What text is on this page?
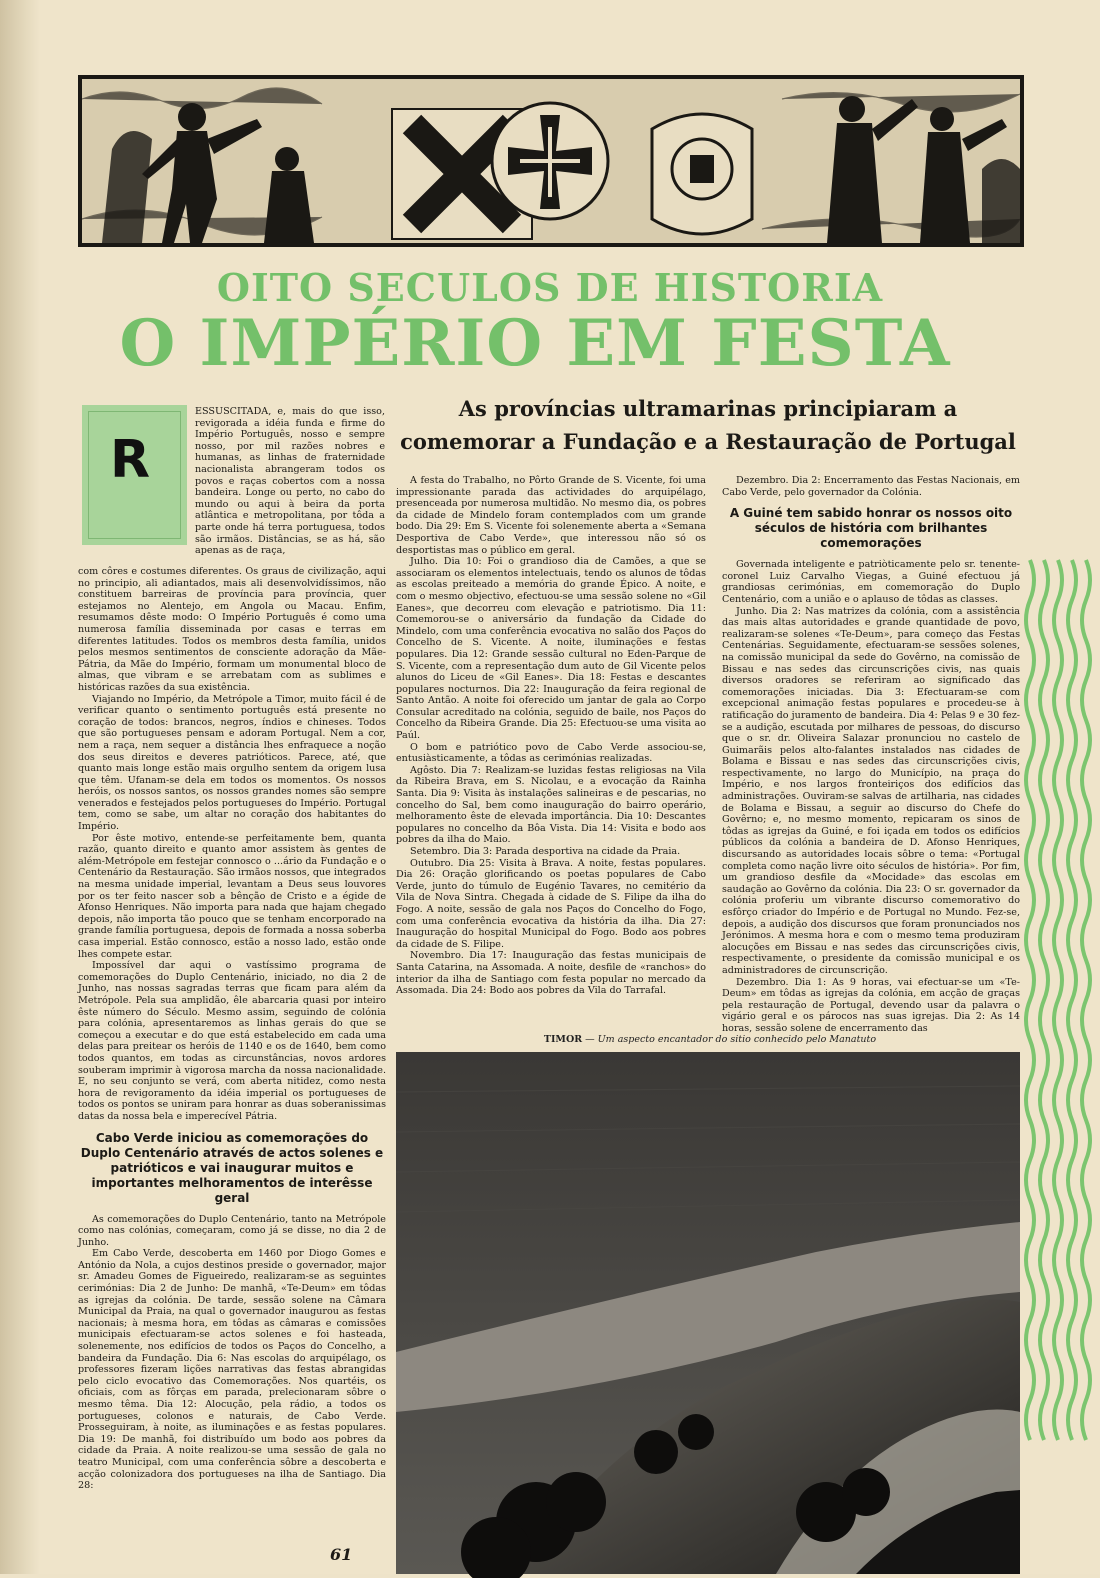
OITO SECULOS DE HISTORIA
O IMPÉRIO EM FESTA
As províncias ultramarinas principiaram a comemorar a Fundação e a Restauração de Portugal
R

ESSUSCITADA, e, mais do que isso, revigorada a idéia funda e firme do Império Português, nosso e sempre nosso, por mil razões nobres e humanas, as linhas de fraternidade nacionalista abrangeram todos os povos e raças cobertos com a nossa bandeira. Longe ou perto, no cabo do mundo ou aqui à beira da porta atlântica e metropolitana, por tôda a parte onde há terra portuguesa, todos são irmãos. Distâncias, se as há, são apenas as de raça,

com côres e costumes diferentes. Os graus de civilização, aqui no principio, ali adiantados, mais ali desenvolvidíssimos, não constituem barreiras de província para província, quer estejamos no Alentejo, em Angola ou Macau. Enfim, resumamos dêste modo: O Império Português é como uma numerosa família disseminada por casas e terras em diferentes latitudes. Todos os membros desta família, unidos pelos mesmos sentimentos de consciente adoração da Mãe-Pátria, da Mãe do Império, formam um monumental bloco de almas, que vibram e se arrebatam com as sublimes e históricas razões da sua existência.

Viajando no Império, da Metrópole a Timor, muito fácil é de verificar quanto o sentimento português está presente no coração de todos: brancos, negros, índios e chineses. Todos que são portugueses pensam e adoram Portugal. Nem a cor, nem a raça, nem sequer a distância lhes enfraquece a noção dos seus direitos e deveres patrióticos. Parece, até, que quanto mais longe estão mais orgulho sentem da origem lusa que têm. Ufanam-se dela em todos os momentos. Os nossos heróis, os nossos santos, os nossos grandes nomes são sempre venerados e festejados pelos portugueses do Império. Portugal tem, como se sabe, um altar no coração dos habitantes do Império.

Por êste motivo, entende-se perfeitamente bem, quanta razão, quanto direito e quanto amor assistem às gentes de além-Metrópole em festejar connosco o ...ário da Fundação e o Centenário da Restauração. São irmãos nossos, que integrados na mesma unidade imperial, levantam a Deus seus louvores por os ter feito nascer sob a bênção de Cristo e a égide de Afonso Henriques. Não importa para nada que hajam chegado depois, não importa tão pouco que se tenham encorporado na grande família portuguesa, depois de formada a nossa soberba casa imperial. Estão connosco, estão a nosso lado, estão onde lhes compete estar.

Impossível dar aqui o vastíssimo programa de comemorações do Duplo Centenário, iniciado, no dia 2 de Junho, nas nossas sagradas terras que ficam para além da Metrópole. Pela sua amplidão, êle abarcaria quasi por inteiro êste número do Século. Mesmo assim, seguindo de colónia para colónia, apresentaremos as linhas gerais do que se começou a executar e do que está estabelecido em cada uma delas para preitear os heróis de 1140 e os de 1640, bem como todos quantos, em todas as circunstâncias, novos ardores souberam imprimir à vigorosa marcha da nossa nacionalidade. E, no seu conjunto se verá, com aberta nitidez, como nesta hora de revigoramento da idéia imperial os portugueses de todos os pontos se uniram para honrar as duas soberanissimas datas da nossa bela e imperecível Pátria.

Cabo Verde iniciou as comemorações do Duplo Centenário através de actos solenes e patrióticos e vai inaugurar muitos e importantes melhoramentos de interêsse geral

As comemorações do Duplo Centenário, tanto na Metrópole como nas colónias, começaram, como já se disse, no dia 2 de Junho.

Em Cabo Verde, descoberta em 1460 por Diogo Gomes e António da Nola, a cujos destinos preside o governador, major sr. Amadeu Gomes de Figueiredo, realizaram-se as seguintes cerimónias: Dia 2 de Junho: De manhã, «Te-Deum» em tôdas as igrejas da colónia. De tarde, sessão solene na Câmara Municipal da Praia, na qual o governador inaugurou as festas nacionais; à mesma hora, em tôdas as câmaras e comissões municipais efectuaram-se actos solenes e foi hasteada, solenemente, nos edifícios de todos os Paços do Concelho, a bandeira da Fundação. Dia 6: Nas escolas do arquipélago, os professores fizeram lições narrativas das festas abrangidas pelo ciclo evocativo das Comemorações. Nos quartéis, os oficiais, com as fôrças em parada, prelecionaram sôbre o mesmo têma. Dia 12: Alocução, pela rádio, a todos os portugueses, colonos e naturais, de Cabo Verde. Prosseguiram, à noite, as iluminações e as festas populares. Dia 19: De manhã, foi distribuído um bodo aos pobres da cidade da Praia. A noite realizou-se uma sessão de gala no teatro Municipal, com uma conferência sôbre a descoberta e acção colonizadora dos portugueses na ilha de Santiago. Dia 28:

A festa do Trabalho, no Pôrto Grande de S. Vicente, foi uma impressionante parada das actividades do arquipélago, presenceada por numerosa multidão. No mesmo dia, os pobres da cidade de Mindelo foram contemplados com um grande bodo. Dia 29: Em S. Vicente foi solenemente aberta a «Semana Desportiva de Cabo Verde», que interessou não só os desportistas mas o público em geral.

Julho. Dia 10: Foi o grandioso dia de Camões, a que se associaram os elementos intelectuais, tendo os alunos de tôdas as escolas preiteado a memória do grande Épico. A noite, e com o mesmo objectivo, efectuou-se uma sessão solene no «Gil Eanes», que decorreu com elevação e patriotismo. Dia 11: Comemorou-se o aniversário da fundação da Cidade do Mindelo, com uma conferência evocativa no salão dos Paços do Concelho de S. Vicente. A noite, iluminações e festas populares. Dia 12: Grande sessão cultural no Eden-Parque de S. Vicente, com a representação dum auto de Gil Vicente pelos alunos do Liceu de «Gil Eanes». Dia 18: Festas e descantes populares nocturnos. Dia 22: Inauguração da feira regional de Santo Antão. A noite foi oferecido um jantar de gala ao Corpo Consular acreditado na colónia, seguido de baile, nos Paços do Concelho da Ribeira Grande. Dia 25: Efectuou-se uma visita ao Paúl.

O bom e patriótico povo de Cabo Verde associou-se, entusiàsticamente, a tôdas as cerimónias realizadas.

Agôsto. Dia 7: Realizam-se luzidas festas religiosas na Vila da Ribeira Brava, em S. Nicolau, e a evocação da Rainha Santa. Dia 9: Visita às instalações salineiras e de pescarias, no concelho do Sal, bem como inauguração do bairro operário, melhoramento êste de elevada importância. Dia 10: Descantes populares no concelho da Bôa Vista. Dia 14: Visita e bodo aos pobres da ilha do Maio.

Setembro. Dia 3: Parada desportiva na cidade da Praia.

Outubro. Dia 25: Visita à Brava. A noite, festas populares. Dia 26: Oração glorificando os poetas populares de Cabo Verde, junto do túmulo de Eugénio Tavares, no cemitério da Vila de Nova Sintra. Chegada à cidade de S. Filipe da ilha do Fogo. A noite, sessão de gala nos Paços do Concelho do Fogo, com uma conferência evocativa da história da ilha. Dia 27: Inauguração do hospital Municipal do Fogo. Bodo aos pobres da cidade de S. Filipe.

Novembro. Dia 17: Inauguração das festas municipais de Santa Catarina, na Assomada. A noite, desfile de «ranchos» do interior da ilha de Santiago com festa popular no mercado da Assomada. Dia 24: Bodo aos pobres da Vila do Tarrafal.

Dezembro. Dia 2: Encerramento das Festas Nacionais, em Cabo Verde, pelo governador da Colónia.

A Guiné tem sabido honrar os nossos oito séculos de história com brilhantes comemorações

Governada inteligente e patriòticamente pelo sr. tenente-coronel Luiz Carvalho Viegas, a Guiné efectuou já grandiosas cerimónias, em comemoração do Duplo Centenário, com a união e o aplauso de tôdas as classes.

Junho. Dia 2: Nas matrizes da colónia, com a assistência das mais altas autoridades e grande quantidade de povo, realizaram-se solenes «Te-Deum», para começo das Festas Centenárias. Seguidamente, efectuaram-se sessões solenes, na comissão municipal da sede do Govêrno, na comissão de Bissau e nas sedes das circunscrições civis, nas quais diversos oradores se referiram ao significado das comemorações iniciadas. Dia 3: Efectuaram-se com excepcional animação festas populares e procedeu-se à ratificação do juramento de bandeira. Dia 4: Pelas 9 e 30 fez-se a audição, escutada por milhares de pessoas, do discurso que o sr. dr. Oliveira Salazar pronunciou no castelo de Guimarãis pelos alto-falantes instalados nas cidades de Bolama e Bissau e nas sedes das circunscrições civis, respectivamente, no largo do Município, na praça do Império, e nos largos fronteiriços dos edifícios das administrações. Ouviram-se salvas de artilharia, nas cidades de Bolama e Bissau, a seguir ao discurso do Chefe do Govêrno; e, no mesmo momento, repicaram os sinos de tôdas as igrejas da Guiné, e foi içada em todos os edifícios públicos da colónia a bandeira de D. Afonso Henriques, discursando as autoridades locais sôbre o tema: «Portugal completa como nação livre oito séculos de história». Por fim, um grandioso desfile da «Mocidade» das escolas em saudação ao Govêrno da colónia. Dia 23: O sr. governador da colónia proferiu um vibrante discurso comemorativo do esfôrço criador do Império e de Portugal no Mundo. Fez-se, depois, a audição dos discursos que foram pronunciados nos Jerónimos. A mesma hora e com o mesmo tema produziram alocuções em Bissau e nas sedes das circunscrições civis, respectivamente, o presidente da comissão municipal e os administradores de circunscrição.

Dezembro. Dia 1: As 9 horas, vai efectuar-se um «Te-Deum» em tôdas as igrejas da colónia, em acção de graças pela restauração de Portugal, devendo usar da palavra o vigário geral e os párocos nas suas igrejas. Dia 2: As 14 horas, sessão solene de encerramento das

TIMOR — Um aspecto encantador do sitio conhecido pelo Manatuto
61
